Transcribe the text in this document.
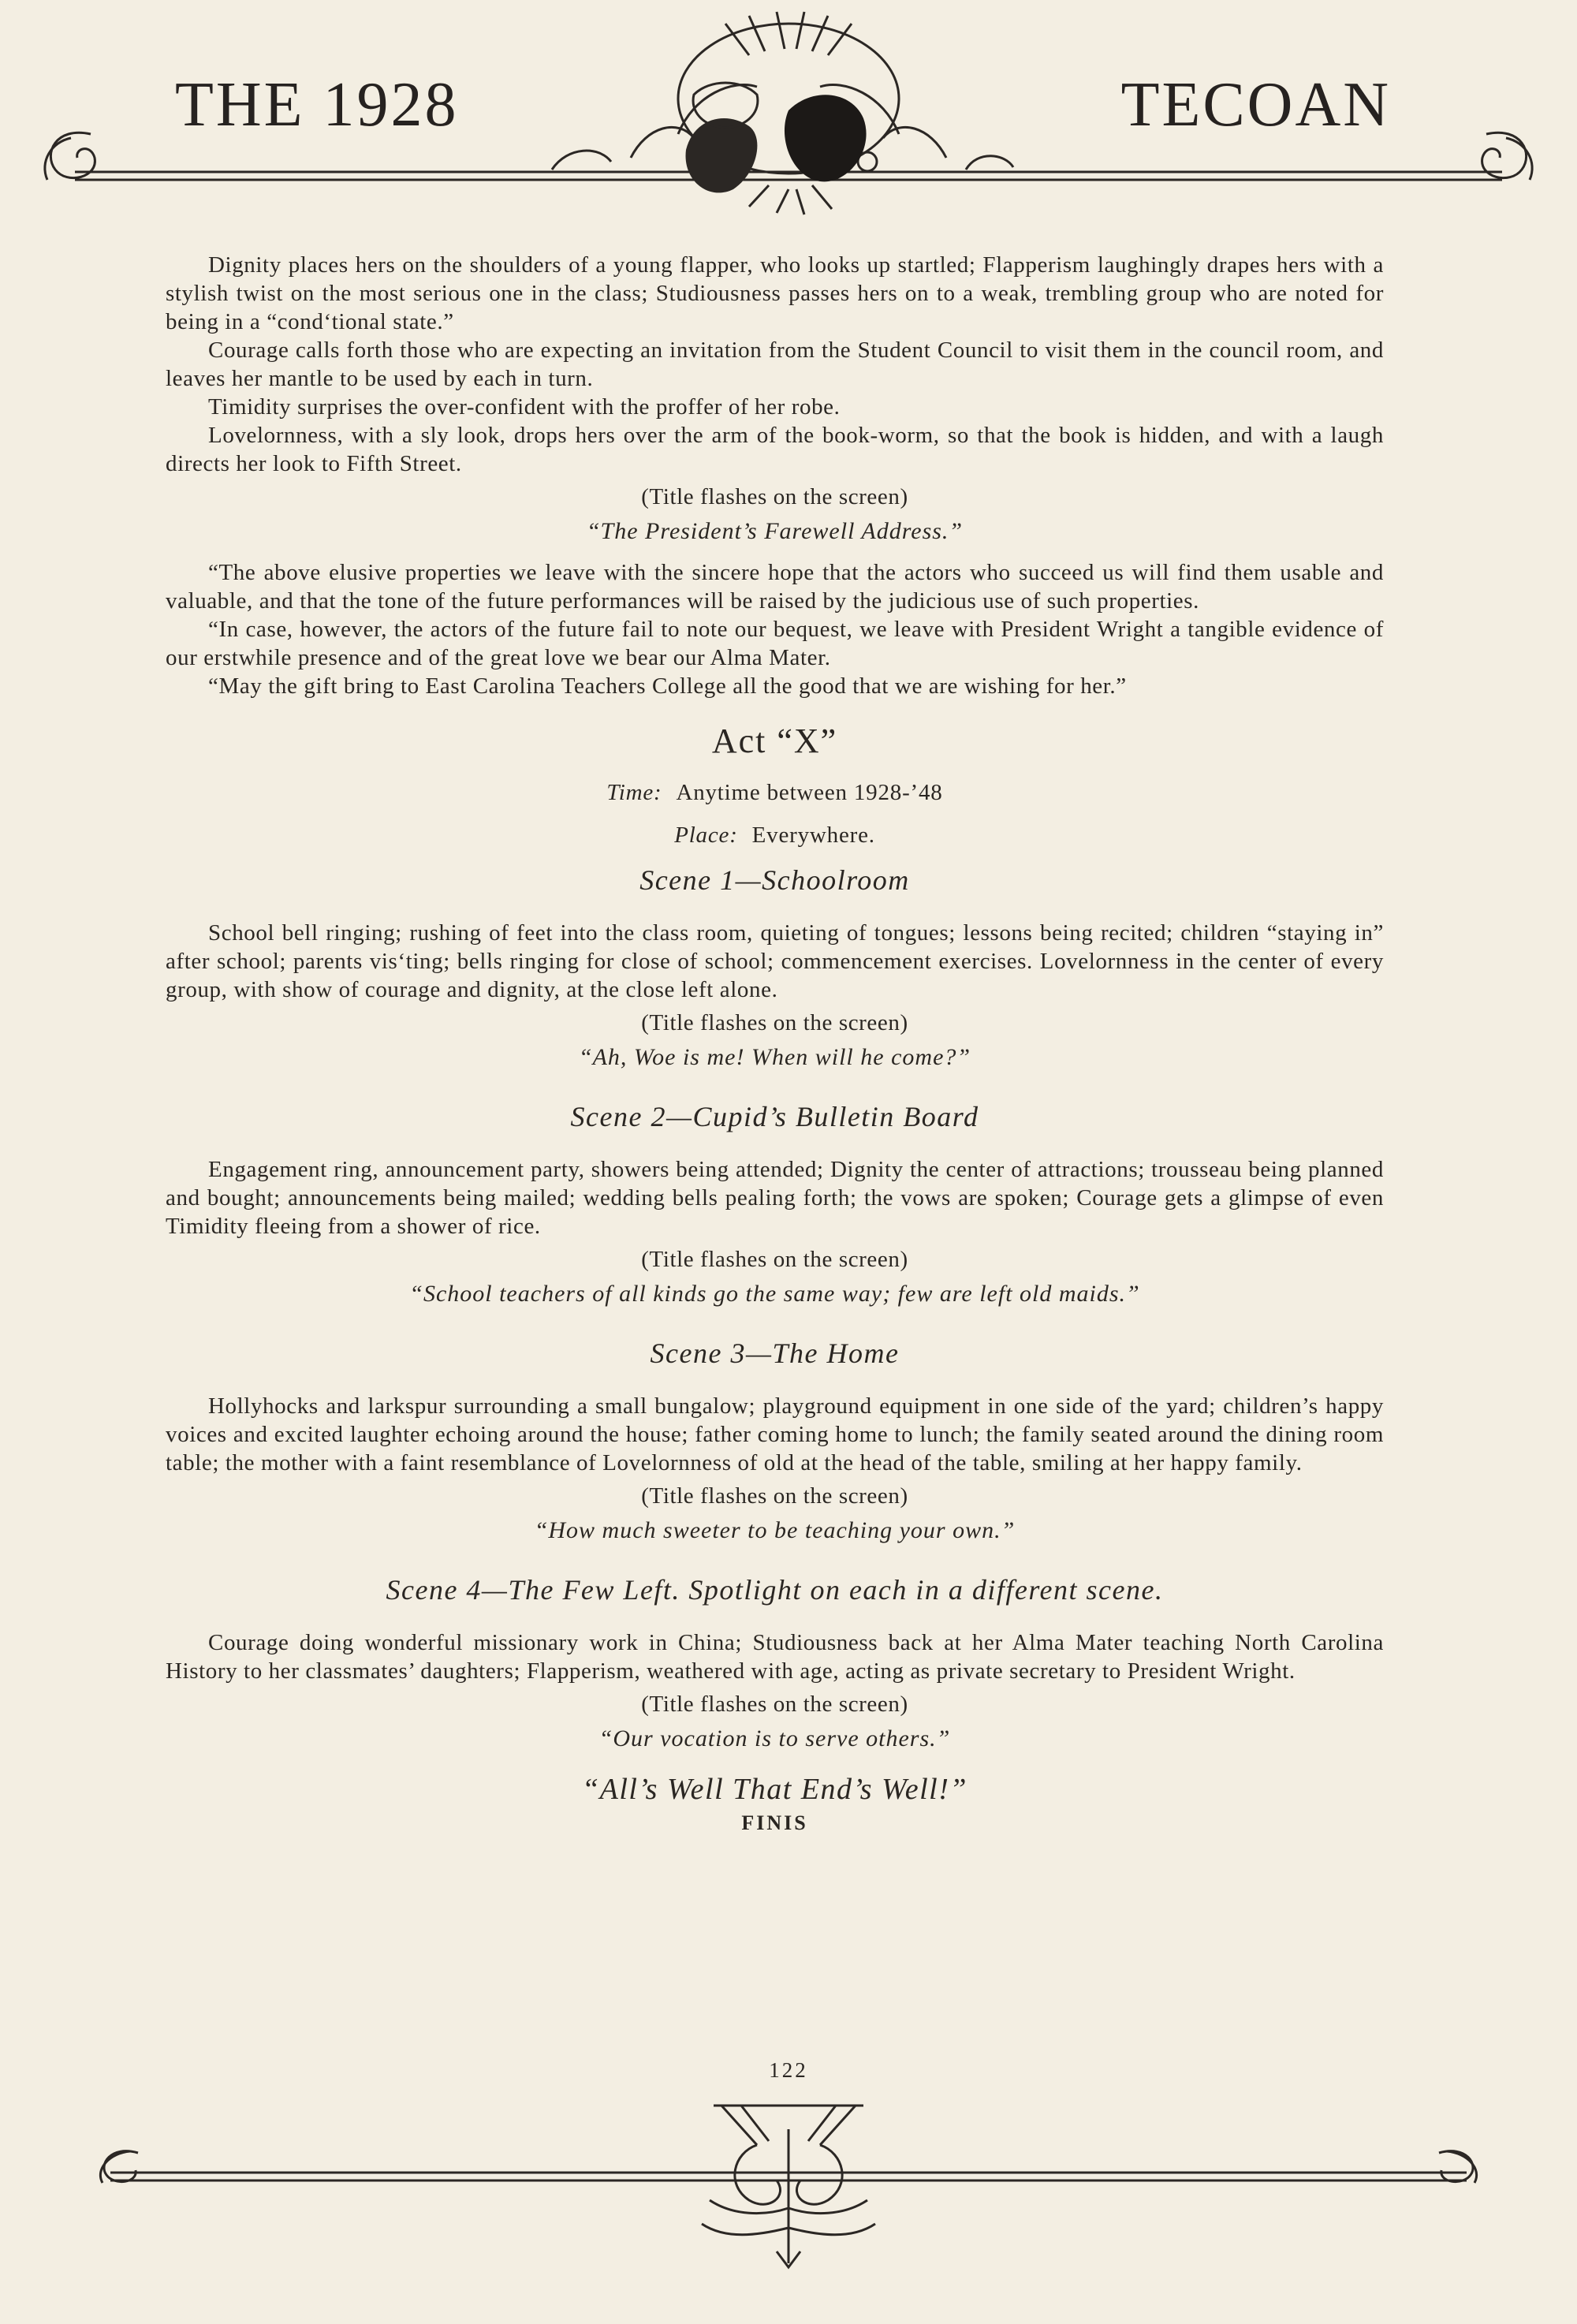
THE 1928	TECOAN

Dignity places hers on the shoulders of a young flapper, who looks up startled; Flapperism laughingly drapes hers with a stylish twist on the most serious one in the class; Studiousness passes hers on to a weak, trembling group who are noted for being in a “cond‘tional state.”

Courage calls forth those who are expecting an invitation from the Student Council to visit them in the council room, and leaves her mantle to be used by each in turn.

Timidity surprises the over-confident with the proffer of her robe.

Lovelornness, with a sly look, drops hers over the arm of the book-worm, so that the book is hidden, and with a laugh directs her look to Fifth Street.

(Title flashes on the screen)

“The President’s Farewell Address.”

“The above elusive properties we leave with the sincere hope that the actors who succeed us will find them usable and valuable, and that the tone of the future performances will be raised by the judicious use of such properties.

“In case, however, the actors of the future fail to note our bequest, we leave with President Wright a tangible evidence of our erstwhile presence and of the great love we bear our Alma Mater.

“May the gift bring to East Carolina Teachers College all the good that we are wishing for her.”

Act “X”

Time: Anytime between 1928-’48

Place: Everywhere.

Scene 1—Schoolroom

School bell ringing; rushing of feet into the class room, quieting of tongues; lessons being recited; children “staying in” after school; parents vis‘ting; bells ringing for close of school; commencement exercises. Lovelornness in the center of every group, with show of courage and dignity, at the close left alone.

(Title flashes on the screen)

“Ah, Woe is me! When will he come?”

Scene 2—Cupid’s Bulletin Board

Engagement ring, announcement party, showers being attended; Dignity the center of attractions; trousseau being planned and bought; announcements being mailed; wedding bells pealing forth; the vows are spoken; Courage gets a glimpse of even Timidity fleeing from a shower of rice.

(Title flashes on the screen)

“School teachers of all kinds go the same way; few are left old maids.”

Scene 3—The Home

Hollyhocks and larkspur surrounding a small bungalow; playground equipment in one side of the yard; children’s happy voices and excited laughter echoing around the house; father coming home to lunch; the family seated around the dining room table; the mother with a faint resemblance of Lovelornness of old at the head of the table, smiling at her happy family.

(Title flashes on the screen)

“How much sweeter to be teaching your own.”

Scene 4—The Few Left. Spotlight on each in a different scene.

Courage doing wonderful missionary work in China; Studiousness back at her Alma Mater teaching North Carolina History to her classmates’ daughters; Flapperism, weathered with age, acting as private secretary to President Wright.

(Title flashes on the screen)

“Our vocation is to serve others.”

“All’s Well That End’s Well!”

FINIS

122
